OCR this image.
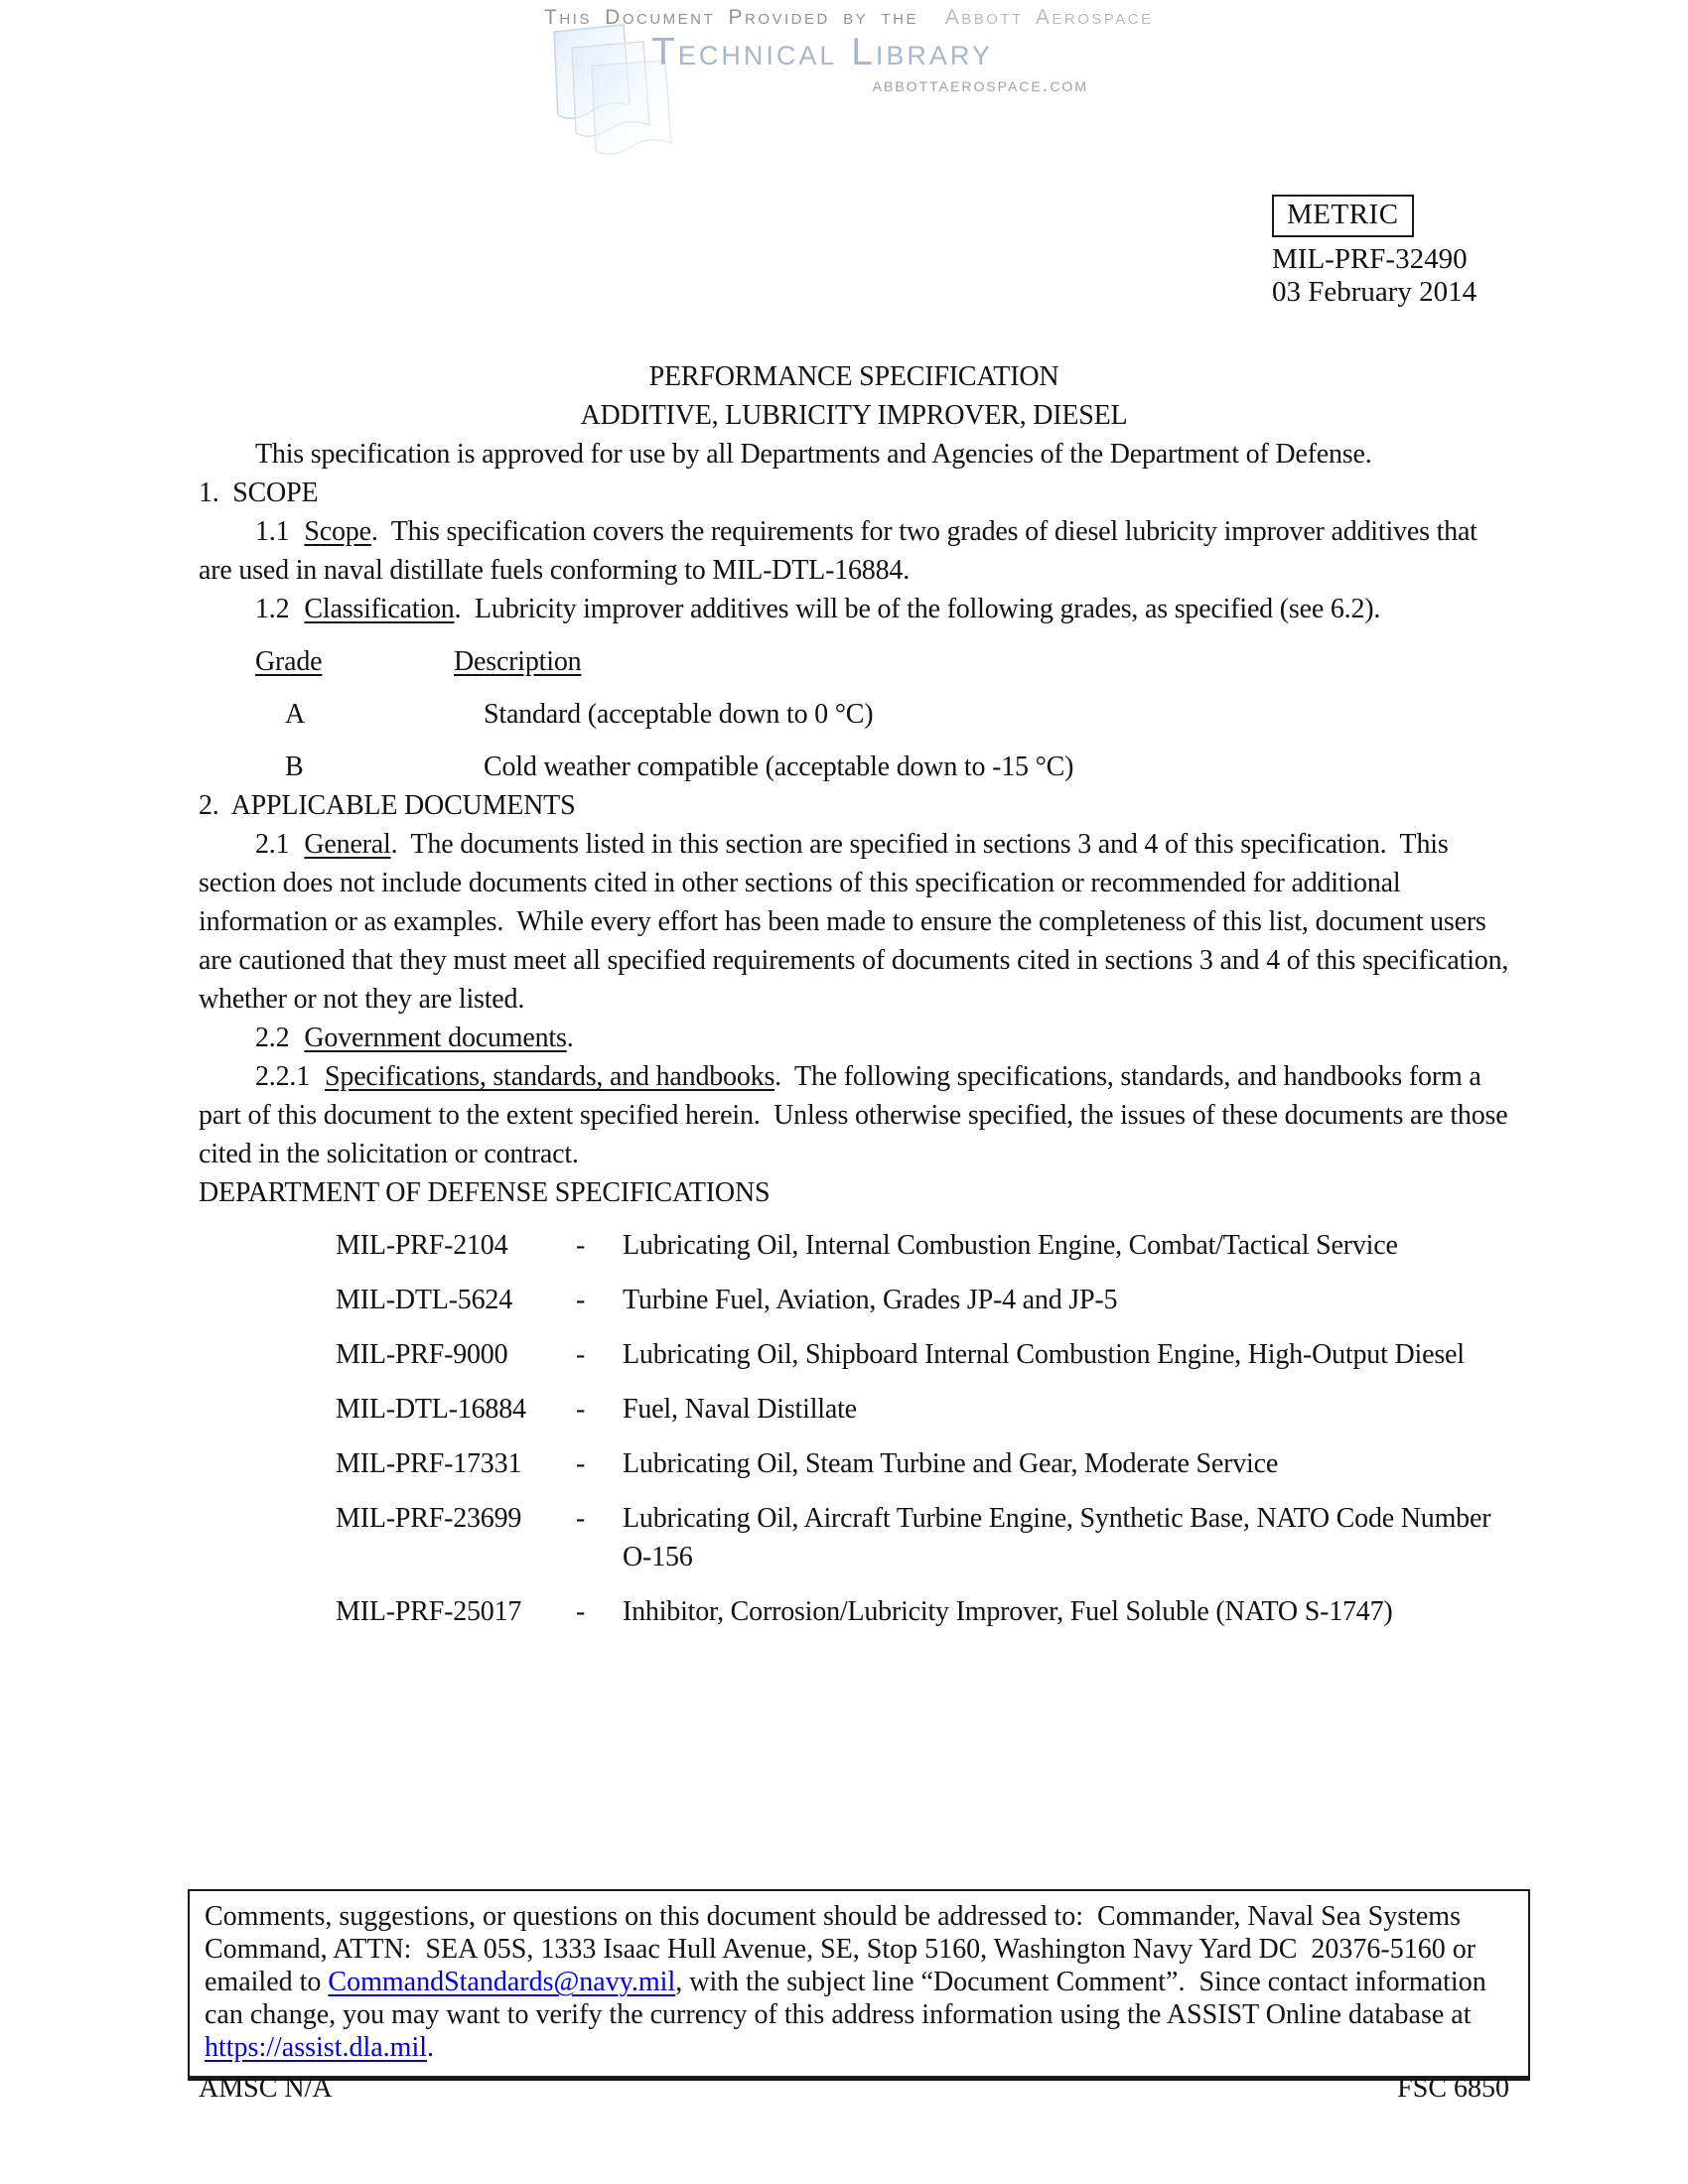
This Document Provided by the Abbott Aerospace
Technical Library
abbottaerospace.com
METRIC
MIL-PRF-32490
03 February 2014

PERFORMANCE SPECIFICATION

ADDITIVE, LUBRICITY IMPROVER, DIESEL

This specification is approved for use by all Departments and Agencies of the Department of Defense.

1.  SCOPE

1.1 Scope.  This specification covers the requirements for two grades of diesel lubricity improver additives that are used in naval distillate fuels conforming to MIL-DTL-16884.

1.2 Classification.  Lubricity improver additives will be of the following grades, as specified (see 6.2).

Grade	Description
A	Standard (acceptable down to 0 °C)
B	Cold weather compatible (acceptable down to -15 °C)
2.  APPLICABLE DOCUMENTS

2.1 General.  The documents listed in this section are specified in sections 3 and 4 of this specification.  This section does not include documents cited in other sections of this specification or recommended for additional information or as examples.  While every effort has been made to ensure the completeness of this list, document users are cautioned that they must meet all specified requirements of documents cited in sections 3 and 4 of this specification, whether or not they are listed.

2.2 Government documents.

2.2.1 Specifications, standards, and handbooks.  The following specifications, standards, and handbooks form a part of this document to the extent specified herein.  Unless otherwise specified, the issues of these documents are those cited in the solicitation or contract.

DEPARTMENT OF DEFENSE SPECIFICATIONS

MIL-PRF-2104	-	Lubricating Oil, Internal Combustion Engine, Combat/Tactical Service
MIL-DTL-5624	-	Turbine Fuel, Aviation, Grades JP-4 and JP-5
MIL-PRF-9000	-	Lubricating Oil, Shipboard Internal Combustion Engine, High-Output Diesel
MIL-DTL-16884	-	Fuel, Naval Distillate
MIL-PRF-17331	-	Lubricating Oil, Steam Turbine and Gear, Moderate Service
MIL-PRF-23699	-	Lubricating Oil, Aircraft Turbine Engine, Synthetic Base, NATO Code Number O-156
MIL-PRF-25017	-	Inhibitor, Corrosion/Lubricity Improver, Fuel Soluble (NATO S-1747)
Comments, suggestions, or questions on this document should be addressed to:  Commander, Naval Sea Systems Command, ATTN:  SEA 05S, 1333 Isaac Hull Avenue, SE, Stop 5160, Washington Navy Yard DC  20376-5160 or emailed to CommandStandards@navy.mil, with the subject line “Document Comment”.  Since contact information can change, you may want to verify the currency of this address information using the ASSIST Online database at https://assist.dla.mil.
AMSC N/A	FSC 6850
